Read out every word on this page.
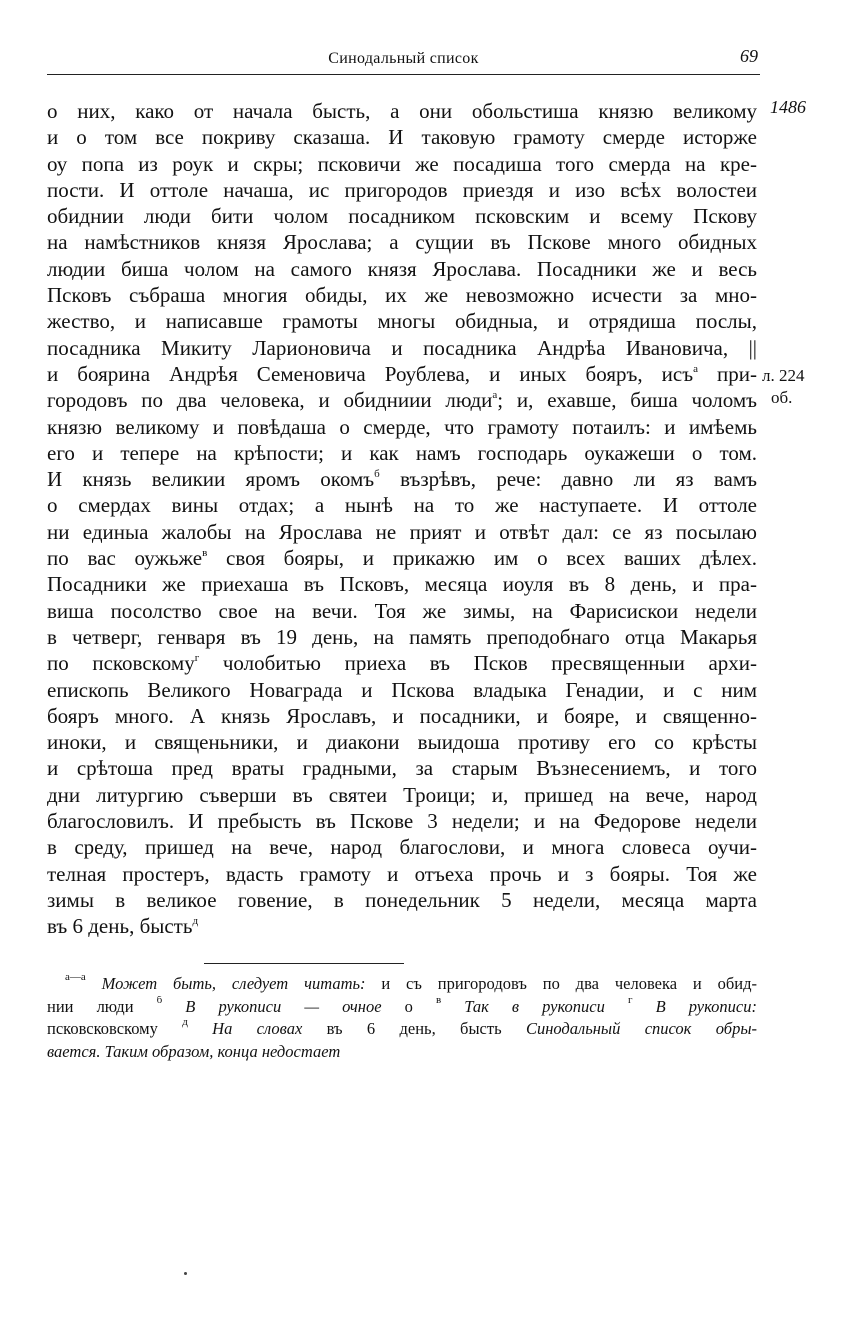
Синодальный список	69
1486
л. 224
об.
о них, како от начала бысть, а они обольстиша князю великому
и о том все покриву сказаша. И таковую грамоту смерде исторже
оу попа из роук и скры; псковичи же посадиша того смерда на кре-
пости. И оттоле начаша, ис пригородов приездя и изо всѣх волостеи
обиднии люди бити чолом посадником псковским и всему Пскову
на намѣстников князя Ярослава; а сущии въ Пскове много обидных
людии биша чолом на самого князя Ярослава. Посадники же и весь
Псковъ събраша многия обиды, их же невозможно исчести за мно-
жество, и написавше грамоты многы обидныа, и отрядиша послы,
посадника Микиту Ларионовича и посадника Андрѣа Ивановича, ||
и боярина Андрѣя Семеновича Роублева, и иных бояръ, исъ$^а$ при-
городовъ по два человека, и обидниии люди$^а$; и, ехавше, биша чоломъ
князю великому и повѣдаша о смерде, что грамоту потаилъ: и имѣемь
его и тепере на крѣпости; и как намъ господарь оукажеши о том.
И князь великии яромъ окомъ$^б$ възрѣвъ, рече: давно ли яз вамъ
о смердах вины отдах; а нынѣ на то же наступаете. И оттоле
ни единыа жалобы на Ярослава не прият и отвѣт дал: се яз посылаю
по вас оужьже$^в$ своя бояры, и прикажю им о всех ваших дѣлех.
Посадники же приехаша въ Псковъ, месяца иоуля въ 8 день, и пра-
виша посолство свое на вечи. Тоя же зимы, на Фарисискои недели
в четверг, генваря въ 19 день, на память преподобнаго отца Макарья
по псковскому$^г$ чолобитью приеха въ Псков пресвященныи архи-
епископь Великого Новаграда и Пскова владыка Генадии, и с ним
бояръ много. А князь Ярославъ, и посадники, и бояре, и священно-
иноки, и священьники, и диакони выидоша противу его со крѣсты
и срѣтоша пред враты градными, за старым Възнесениемъ, и того
дни литургию съверши въ святеи Троици; и, пришед на вече, народ
благословилъ. И пребысть въ Пскове 3 недели; и на Федорове недели
в среду, пришед на вече, народ благослови, и многа словеса оучи-
телная простеръ, вдасть грамоту и отъеха прочь и з бояры. Тоя же
зимы в великое говение, в понедельник 5 недели, месяца марта
въ 6 день, бысть$^д$
$^{а—а}$ Может быть, следует читать: и съ пригородовъ по два человека и обид-
нии люди $^б$ В рукописи — очное о $^в$ Так в рукописи $^г$ В рукописи:
псковсковскому $^д$ На словах въ 6 день, бысть Синодальный список обры-
вается. Таким образом, конца недостает
